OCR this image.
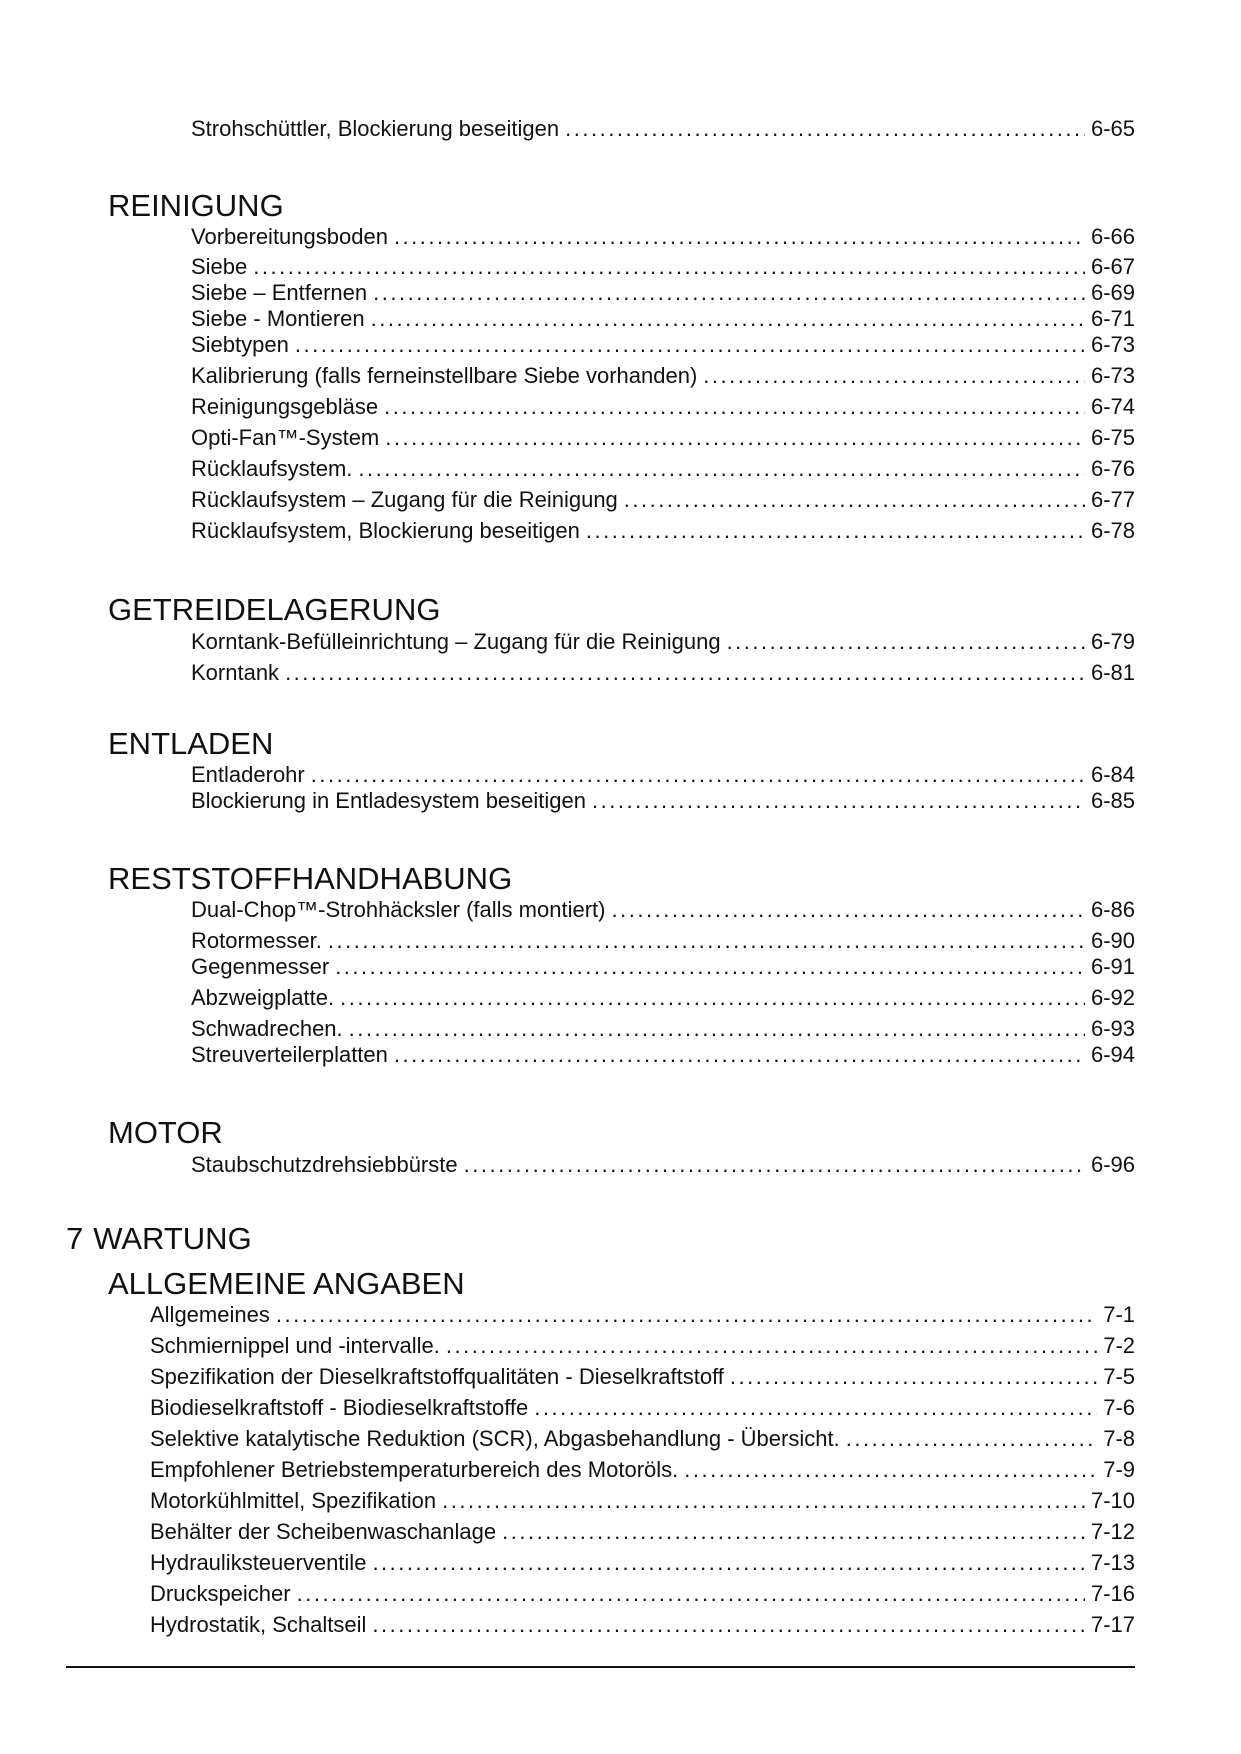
Strohschüttler, Blockierung beseitigen . . .	6-65
REINIGUNG
Vorbereitungsboden . . .	6-66
Siebe . . .	6-67
Siebe – Entfernen . . .	6-69
Siebe - Montieren . . .	6-71
Siebtypen . . .	6-73
Kalibrierung (falls ferneinstellbare Siebe vorhanden) . . .	6-73
Reinigungsgebläse . . .	6-74
Opti-Fan™-System . . .	6-75
Rücklaufsystem. . . .	6-76
Rücklaufsystem – Zugang für die Reinigung . . .	6-77
Rücklaufsystem, Blockierung beseitigen . . .	6-78
GETREIDELAGERUNG
Korntank-Befülleinrichtung – Zugang für die Reinigung . . .	6-79
Korntank . . .	6-81
ENTLADEN
Entladerohr . . .	6-84
Blockierung in Entladesystem beseitigen . . .	6-85
RESTSTOFFHANDHABUNG
Dual-Chop™-Strohhäcksler (falls montiert) . . .	6-86
Rotormesser. . . .	6-90
Gegenmesser . . .	6-91
Abzweigplatte. . . .	6-92
Schwadrechen. . . .	6-93
Streuverteilerplatten . . .	6-94
MOTOR
Staubschutzdrehsiebbürste . . .	6-96
7 WARTUNG
ALLGEMEINE ANGABEN
Allgemeines . . .	7-1
Schmiernippel und -intervalle. . . .	7-2
Spezifikation der Dieselkraftstoffqualitäten - Dieselkraftstoff . . .	7-5
Biodieselkraftstoff - Biodieselkraftstoffe . . .	7-6
Selektive katalytische Reduktion (SCR), Abgasbehandlung - Übersicht. . . .	7-8
Empfohlener Betriebstemperaturbereich des Motoröls. . . .	7-9
Motorkühlmittel, Spezifikation . . .	7-10
Behälter der Scheibenwaschanlage . . .	7-12
Hydrauliksteuerventile . . .	7-13
Druckspeicher . . .	7-16
Hydrostatik, Schaltseil . . .	7-17
